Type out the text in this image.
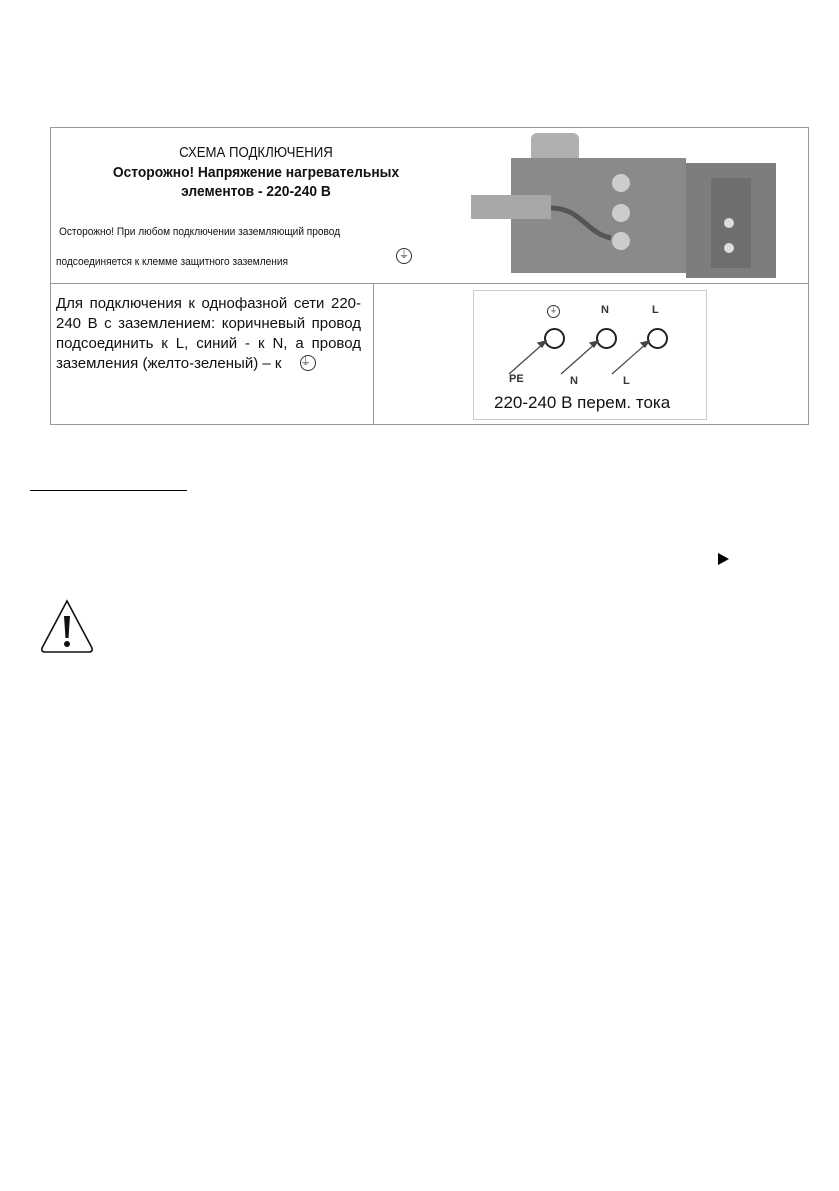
СХЕМА ПОДКЛЮЧЕНИЯ
Осторожно! Напряжение нагревательных
элементов - 220-240 В
Осторожно! При любом подключении заземляющий провод
подсоединяется к клемме защитного заземления
⏚
Для подключения к однофазной сети 220-240 В с заземлением: коричневый провод подсоединить к L, синий - к N, а провод заземления (желто-зеленый) – к ⏚
⏚	N	L
PE	N	L
220-240 В перем. тока
